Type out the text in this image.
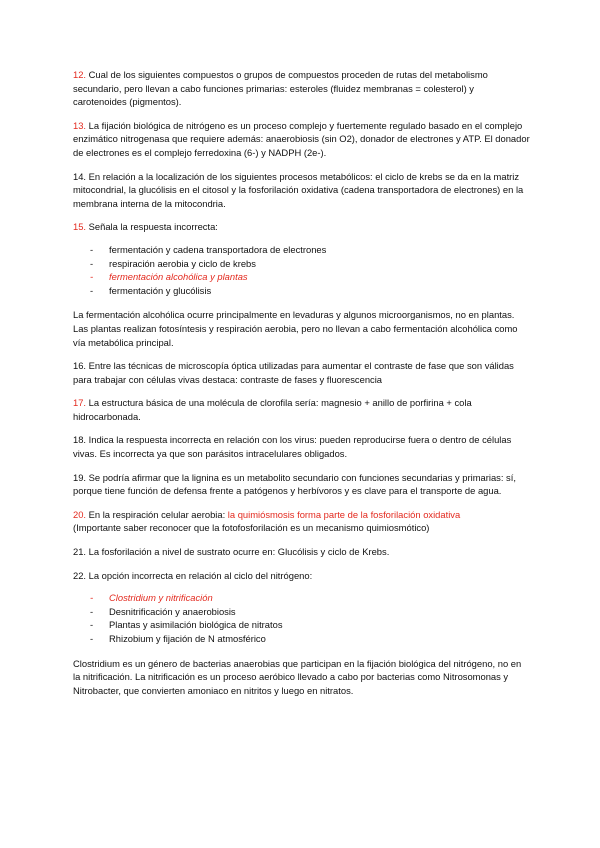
12. Cual de los siguientes compuestos o grupos de compuestos proceden de rutas del metabolismo secundario, pero llevan a cabo funciones primarias: esteroles (fluidez membranas = colesterol) y carotenoides (pigmentos).

13. La fijación biológica de nitrógeno es un proceso complejo y fuertemente regulado basado en el complejo enzimático nitrogenasa que requiere además: anaerobiosis (sin O2), donador de electrones y ATP. El donador de electrones es el complejo ferredoxina (6-) y NADPH (2e-).

14. En relación a la localización de los siguientes procesos metabólicos: el ciclo de krebs se da en la matriz mitocondrial, la glucólisis en el citosol y la fosforilación oxidativa (cadena transportadora de electrones) en la membrana interna de la mitocondria.

15. Señala la respuesta incorrecta:

- fermentación y cadena transportadora de electrones
- respiración aerobia y ciclo de krebs
- fermentación alcohólica y plantas
- fermentación y glucólisis

La fermentación alcohólica ocurre principalmente en levaduras y algunos microorganismos, no en plantas. Las plantas realizan fotosíntesis y respiración aerobia, pero no llevan a cabo fermentación alcohólica como vía metabólica principal.

16. Entre las técnicas de microscopía óptica utilizadas para aumentar el contraste de fase que son válidas para trabajar con células vivas destaca: contraste de fases y fluorescencia

17. La estructura básica de una molécula de clorofila sería: magnesio + anillo de porfirina + cola hidrocarbonada.

18. Indica la respuesta incorrecta en relación con los virus: pueden reproducirse fuera o dentro de células vivas. Es incorrecta ya que son parásitos intracelulares obligados.

19. Se podría afirmar que la lignina es un metabolito secundario con funciones secundarias y primarias: sí, porque tiene función de defensa frente a patógenos y herbívoros y es clave para el transporte de agua.

20. En la respiración celular aerobia: la quimiósmosis forma parte de la fosforilación oxidativa
(Importante saber reconocer que la fotofosforilación es un mecanismo quimiosmótico)

21. La fosforilación a nivel de sustrato ocurre en: Glucólisis y ciclo de Krebs.

22. La opción incorrecta en relación al ciclo del nitrógeno:

- Clostridium y nitrificación
- Desnitrificación y anaerobiosis
- Plantas y asimilación biológica de nitratos
- Rhizobium y fijación de N atmosférico

Clostridium es un género de bacterias anaerobias que participan en la fijación biológica del nitrógeno, no en la nitrificación. La nitrificación es un proceso aeróbico llevado a cabo por bacterias como Nitrosomonas y Nitrobacter, que convierten amoniaco en nitritos y luego en nitratos.
